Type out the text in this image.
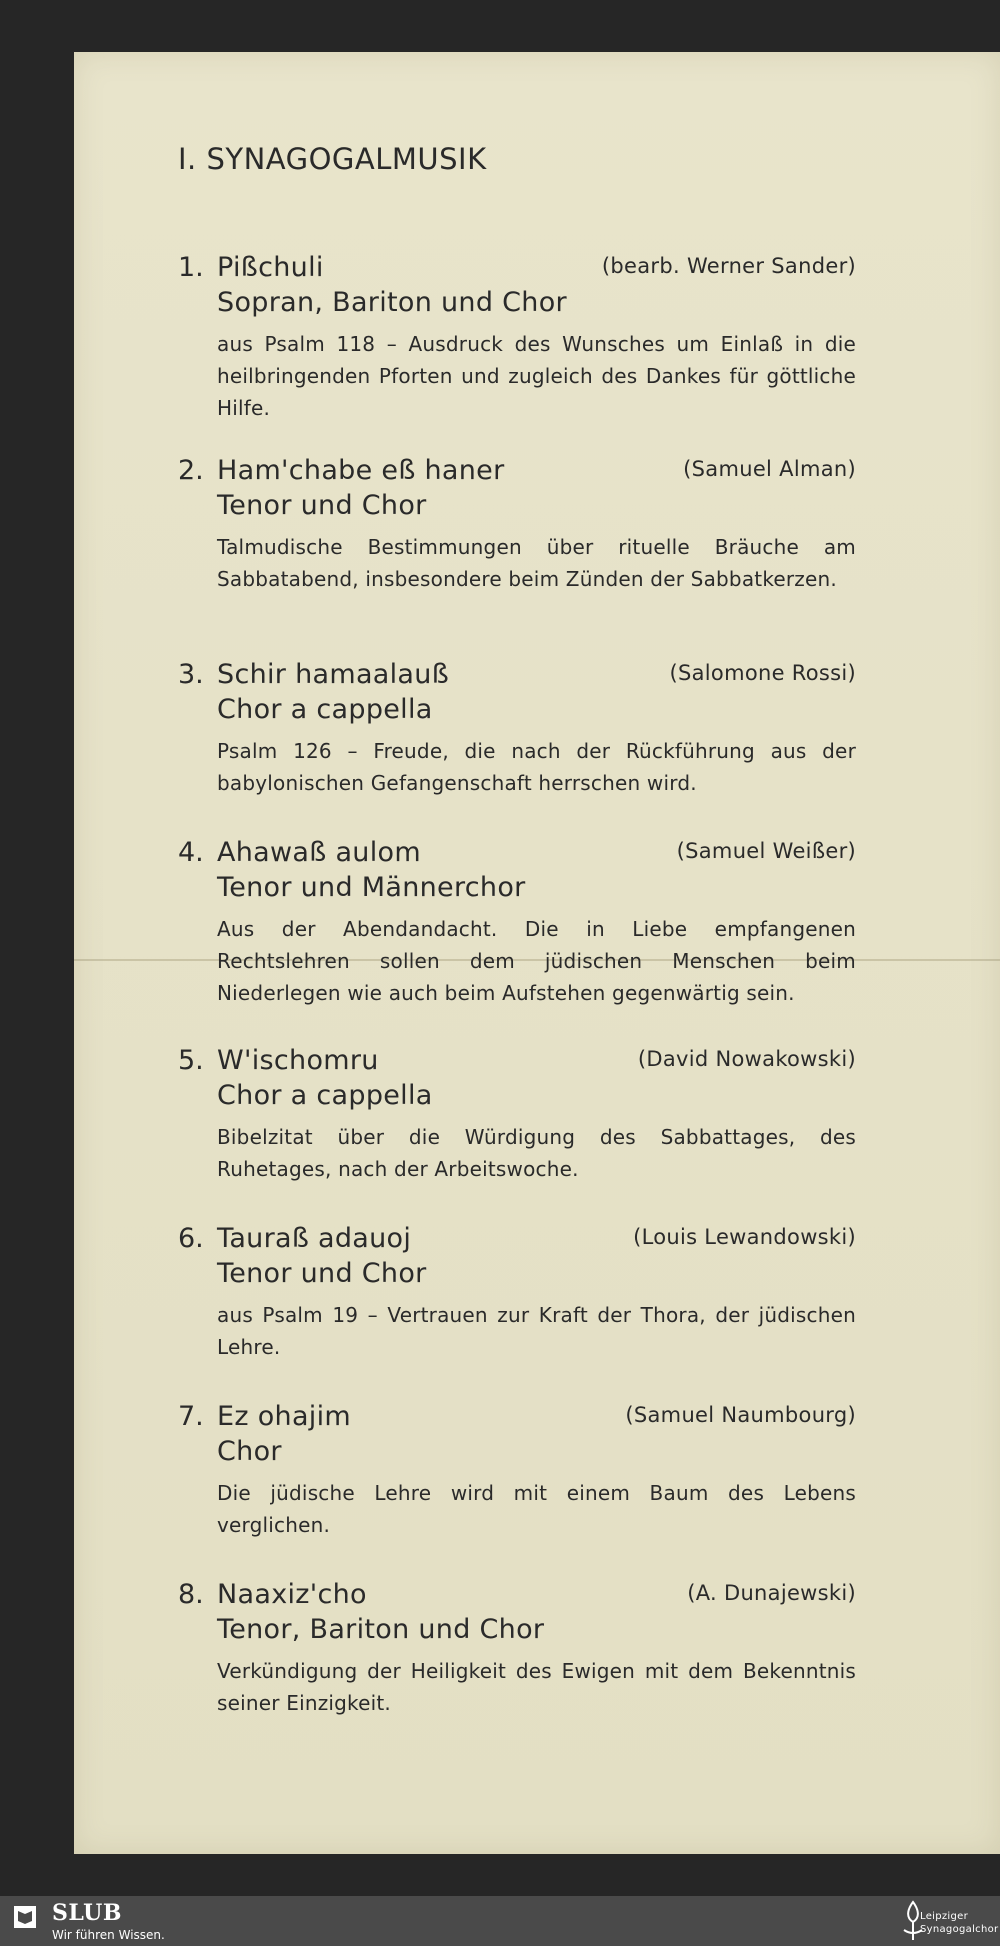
I. SYNAGOGALMUSIK
1. Pißchuli	(bearb. Werner Sander)
Sopran, Bariton und Chor
aus Psalm 118 – Ausdruck des Wunsches um Einlaß in die heilbringenden Pforten und zugleich des Dankes für göttliche Hilfe.
2. Ham'chabe eß haner	(Samuel Alman)
Tenor und Chor
Talmudische Bestimmungen über rituelle Bräuche am Sabbatabend, insbesondere beim Zünden der Sabbatkerzen.
3. Schir hamaalauß	(Salomone Rossi)
Chor a cappella
Psalm 126 – Freude, die nach der Rückführung aus der babylonischen Gefangenschaft herrschen wird.
4. Ahawaß aulom	(Samuel Weißer)
Tenor und Männerchor
Aus der Abendandacht. Die in Liebe empfangenen Rechtslehren sollen dem jüdischen Menschen beim Niederlegen wie auch beim Aufstehen gegenwärtig sein.
5. W'ischomru	(David Nowakowski)
Chor a cappella
Bibelzitat über die Würdigung des Sabbattages, des Ruhetages, nach der Arbeitswoche.
6. Tauraß adauoj	(Louis Lewandowski)
Tenor und Chor
aus Psalm 19 – Vertrauen zur Kraft der Thora, der jüdischen Lehre.
7. Ez ohajim	(Samuel Naumbourg)
Chor
Die jüdische Lehre wird mit einem Baum des Lebens verglichen.
8. Naaxiz'cho	(A. Dunajewski)
Tenor, Bariton und Chor
Verkündigung der Heiligkeit des Ewigen mit dem Bekenntnis seiner Einzigkeit.
SLUB
Wir führen Wissen.
Leipziger
Synagogalchor
